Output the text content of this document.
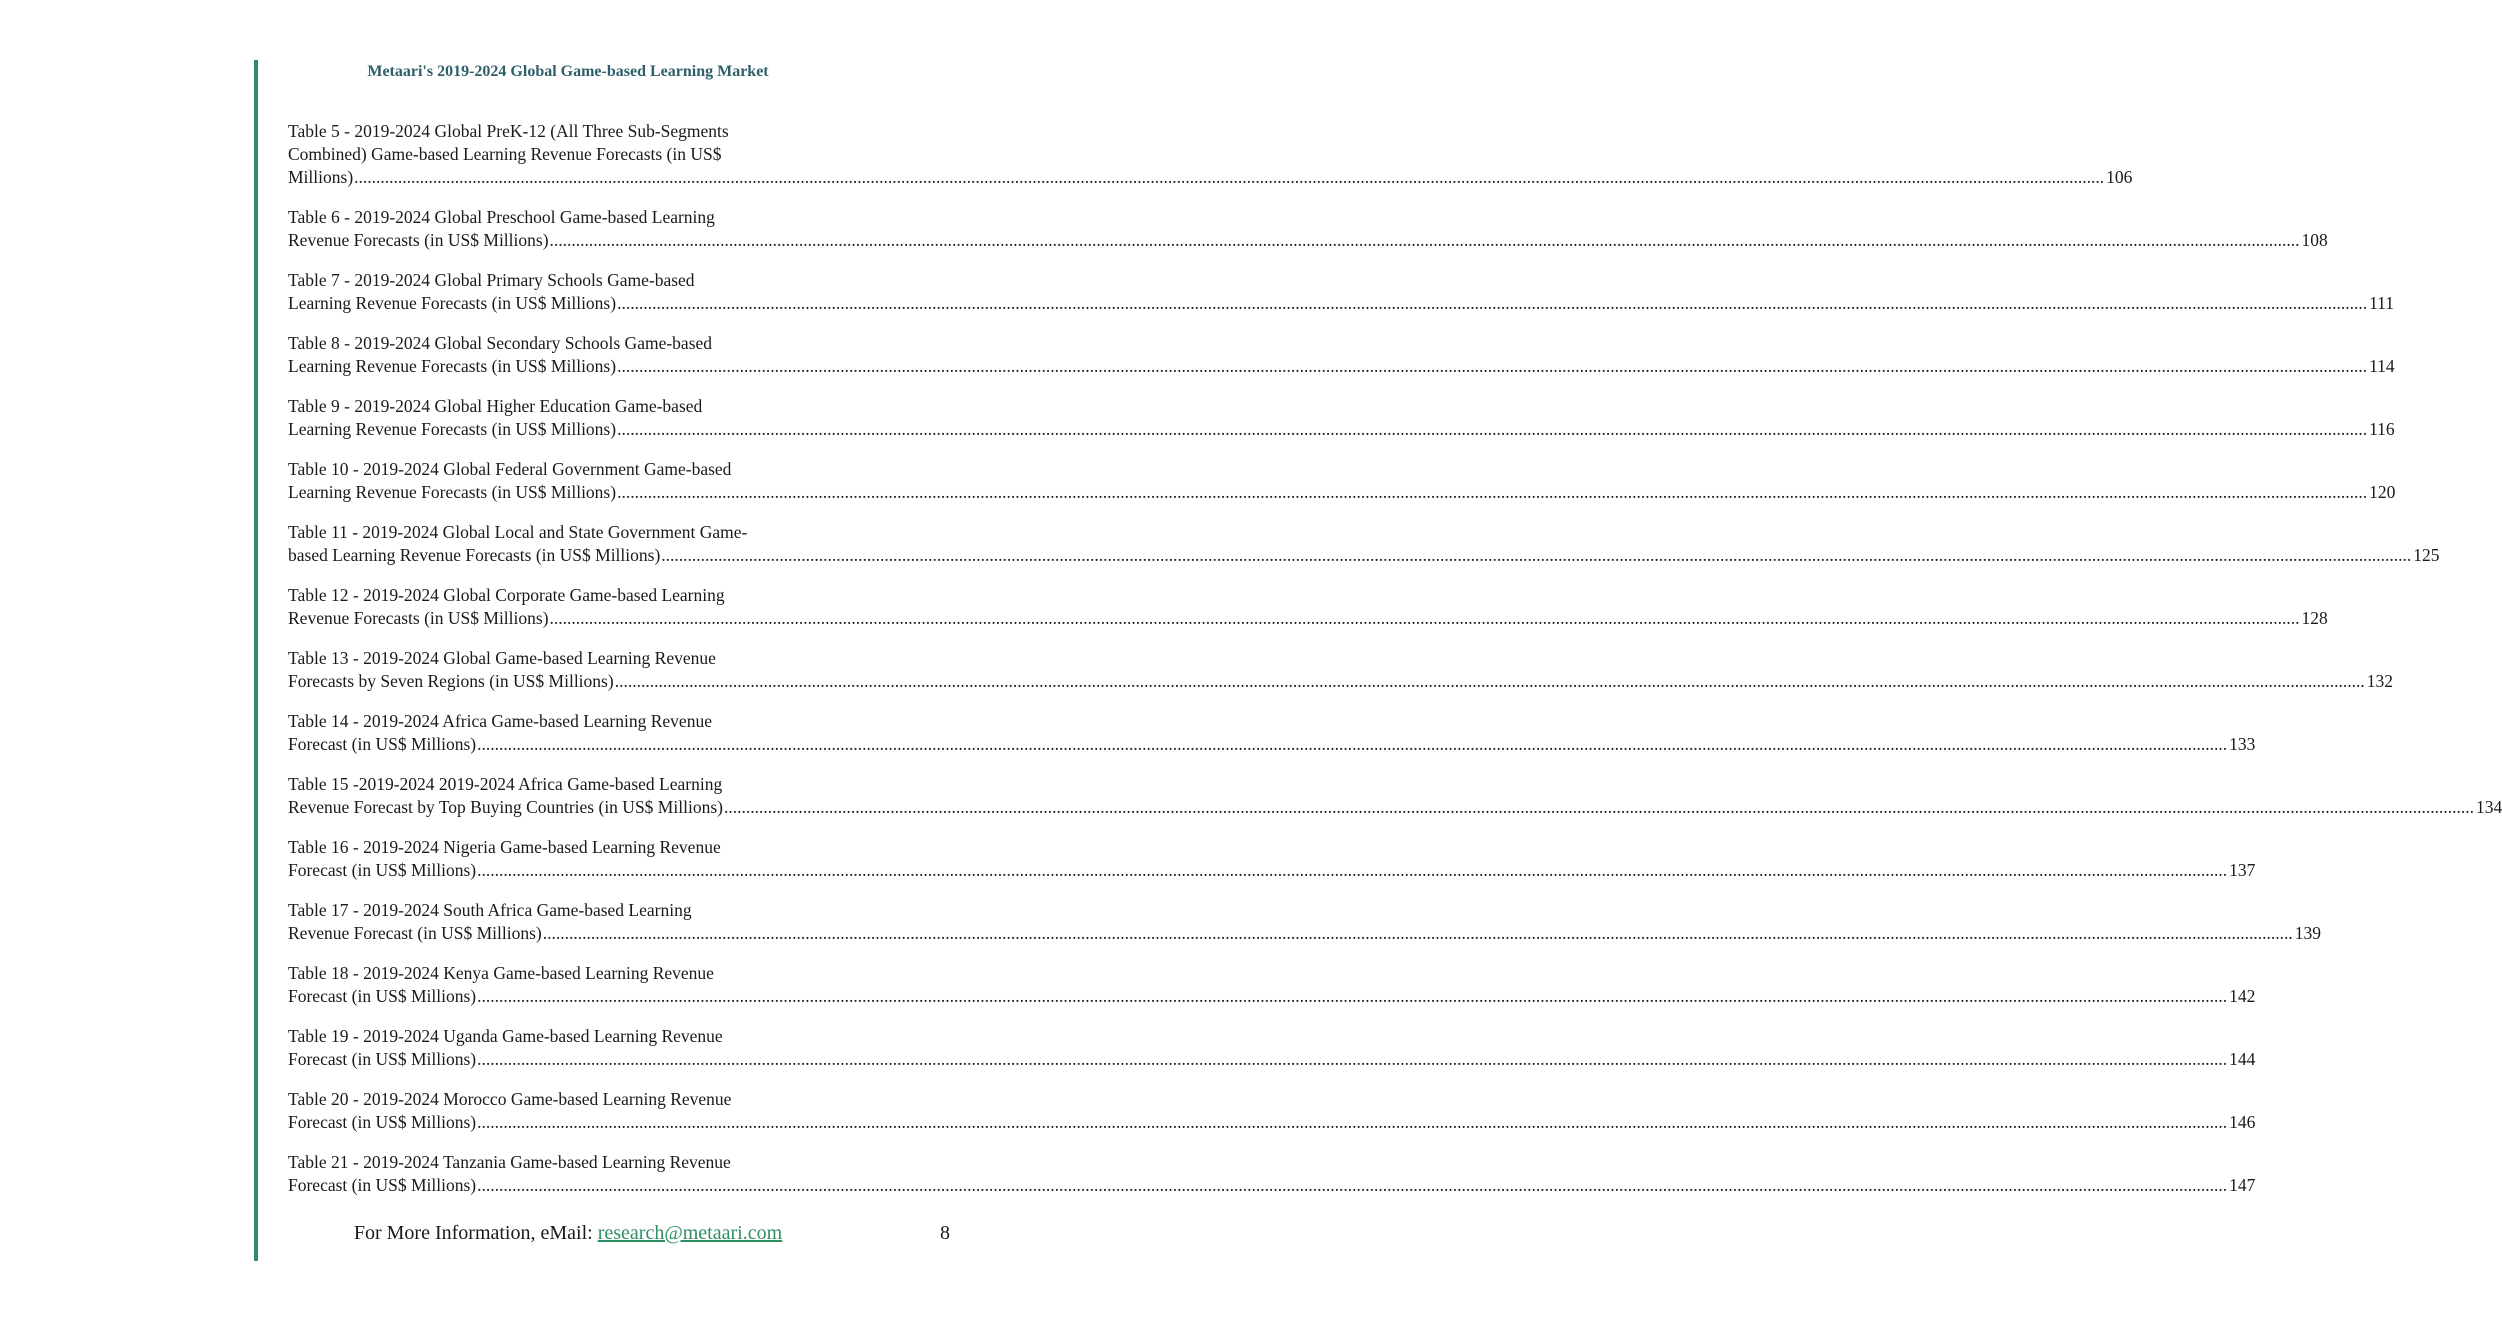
Metaari's 2019-2024 Global Game-based Learning Market
Table 5 - 2019-2024 Global PreK-12 (All Three Sub-Segments
Combined) Game-based Learning Revenue Forecasts (in US$
Millions) ................................................................................................................................................................................................................................................................................................................................................................................................................ 106
Table 6 - 2019-2024 Global Preschool Game-based Learning
Revenue Forecasts (in US$ Millions) ................................................................................................................................................................................................................................................................................................................................................................................................................ 108
Table 7 - 2019-2024 Global Primary Schools Game-based
Learning Revenue Forecasts (in US$ Millions) ................................................................................................................................................................................................................................................................................................................................................................................................................ 111
Table 8 - 2019-2024 Global Secondary Schools Game-based
Learning Revenue Forecasts (in US$ Millions) ................................................................................................................................................................................................................................................................................................................................................................................................................ 114
Table 9 - 2019-2024 Global Higher Education Game-based
Learning Revenue Forecasts (in US$ Millions) ................................................................................................................................................................................................................................................................................................................................................................................................................ 116
Table 10 - 2019-2024 Global Federal Government Game-based
Learning Revenue Forecasts (in US$ Millions) ................................................................................................................................................................................................................................................................................................................................................................................................................ 120
Table 11 - 2019-2024 Global Local and State Government Game-
based Learning Revenue Forecasts (in US$ Millions) ................................................................................................................................................................................................................................................................................................................................................................................................................ 125
Table 12 - 2019-2024 Global Corporate Game-based Learning
Revenue Forecasts (in US$ Millions) ................................................................................................................................................................................................................................................................................................................................................................................................................ 128
Table 13 - 2019-2024 Global Game-based Learning Revenue
Forecasts by Seven Regions (in US$ Millions) ................................................................................................................................................................................................................................................................................................................................................................................................................ 132
Table 14 - 2019-2024 Africa Game-based Learning Revenue
Forecast (in US$ Millions) ................................................................................................................................................................................................................................................................................................................................................................................................................ 133
Table 15 -2019-2024 2019-2024 Africa Game-based Learning
Revenue Forecast by Top Buying Countries (in US$ Millions) ................................................................................................................................................................................................................................................................................................................................................................................................................ 134
Table 16 - 2019-2024 Nigeria Game-based Learning Revenue
Forecast (in US$ Millions) ................................................................................................................................................................................................................................................................................................................................................................................................................ 137
Table 17 - 2019-2024 South Africa Game-based Learning
Revenue Forecast (in US$ Millions) ................................................................................................................................................................................................................................................................................................................................................................................................................ 139
Table 18 - 2019-2024 Kenya Game-based Learning Revenue
Forecast (in US$ Millions) ................................................................................................................................................................................................................................................................................................................................................................................................................ 142
Table 19 - 2019-2024 Uganda Game-based Learning Revenue
Forecast (in US$ Millions) ................................................................................................................................................................................................................................................................................................................................................................................................................ 144
Table 20 - 2019-2024 Morocco Game-based Learning Revenue
Forecast (in US$ Millions) ................................................................................................................................................................................................................................................................................................................................................................................................................ 146
Table 21 - 2019-2024 Tanzania Game-based Learning Revenue
Forecast (in US$ Millions) ................................................................................................................................................................................................................................................................................................................................................................................................................ 147
For More Information, eMail: research@metaari.com	8
